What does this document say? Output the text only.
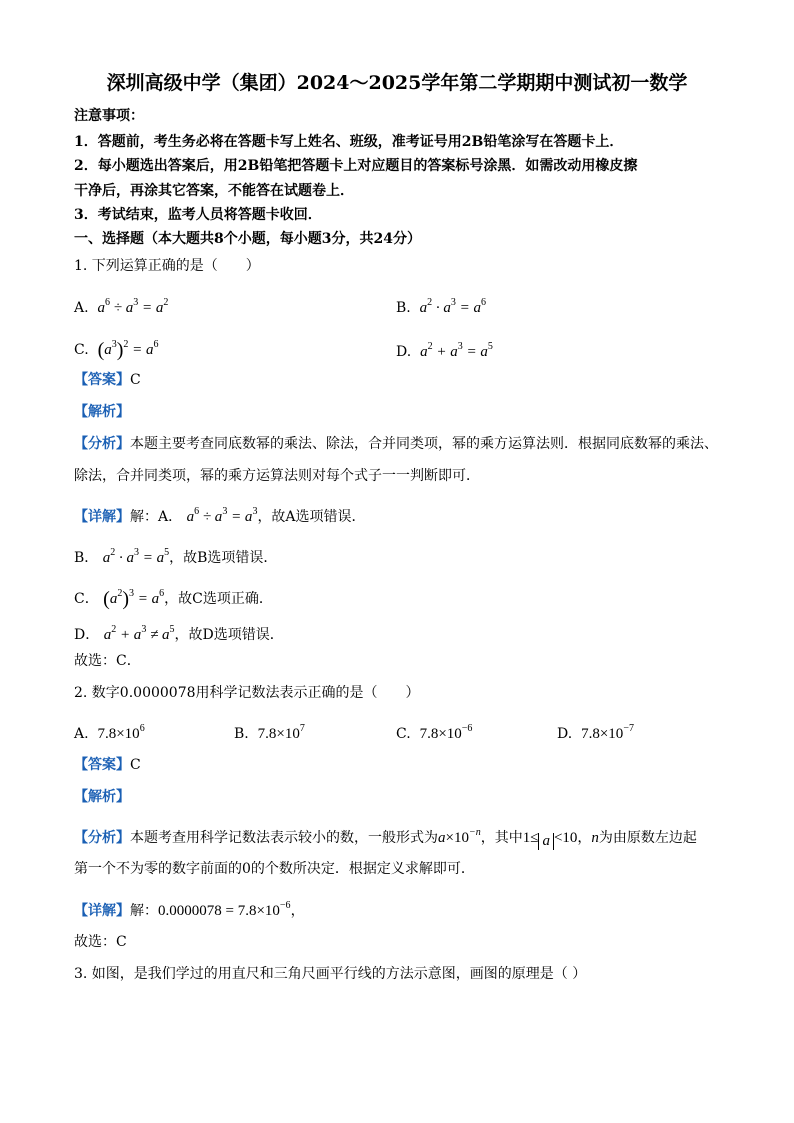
深圳高级中学（集团）2024～2025学年第二学期期中测试初一数学
注意事项：
1．答题前，考生务必将在答题卡写上姓名、班级，准考证号用2B铅笔涂写在答题卡上．
2．每小题选出答案后，用2B铅笔把答题卡上对应题目的答案标号涂黑．如需改动用橡皮擦
干净后，再涂其它答案，不能答在试题卷上．
3．考试结束，监考人员将答题卡收回．
一、选择题（本大题共8个小题，每小题3分，共24分）
1. 下列运算正确的是（　　）
A. $a^6 \div a^3 = a^2$	B. $a^2 \cdot a^3 = a^6$
C. $(a^3)^2 = a^6$	D. $a^2 + a^3 = a^5$
【答案】C
【解析】
【分析】本题主要考查同底数幂的乘法、除法，合并同类项，幂的乘方运算法则．根据同底数幂的乘法、
除法，合并同类项，幂的乘方运算法则对每个式子一一判断即可．
【详解】解：A． $a^6 \div a^3 = a^3$，故A选项错误．
B． $a^2 \cdot a^3 = a^5$，故B选项错误．
C． $(a^2)^3 = a^6$，故C选项正确．
D． $a^2 + a^3 \ne a^5$，故D选项错误．
故选：C．
2. 数字0.0000078用科学记数法表示正确的是（　　）
A. $7.8\times 10^6$	B. $7.8\times 10^7$	C. $7.8\times 10^{-6}$	D. $7.8\times 10^{-7}$
【答案】C
【解析】
【分析】本题考查用科学记数法表示较小的数，一般形式为$a\times 10^{-n}$，其中1≤ a <10，n为由原数左边起
第一个不为零的数字前面的0的个数所决定．根据定义求解即可．
【详解】解：$0.0000078 = 7.8\times 10^{-6}$，
故选：C
3. 如图，是我们学过的用直尺和三角尺画平行线的方法示意图，画图的原理是（ ）
